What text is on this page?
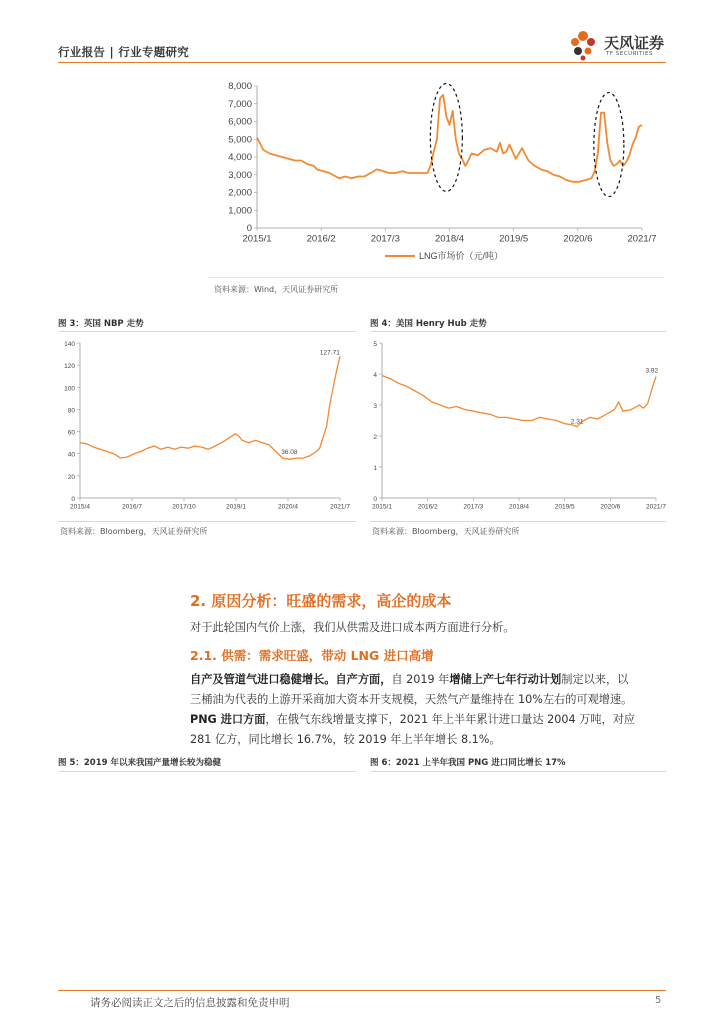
行业报告 | 行业专题研究	天风证券
TF SECURITIES
0
1,000
2,000
3,000
4,000
5,000
6,000
7,000
8,000
2015/1	2016/2	2017/3	2018/4	2019/5	2020/6	2021/7
LNG市场价（元/吨）
资料来源：Wind，天风证券研究所
图 3：英国 NBP 走势
0
20
40
60
80
100
120
140
2015/4	2016/7	2017/10	2019/1	2020/4	2021/7
36.08
127.71
资料来源：Bloomberg，天风证券研究所
图 4：美国 Henry Hub 走势
0
1
2
3
4
5
2015/1	2016/2	2017/3	2018/4	2019/5	2020/6	2021/7
2.31
3.92
资料来源：Bloomberg，天风证券研究所
2. 原因分析：旺盛的需求，高企的成本
对于此轮国内气价上涨，我们从供需及进口成本两方面进行分析。
2.1. 供需：需求旺盛，带动 LNG 进口高增
自产及管道气进口稳健增长。自产方面，自 2019 年增储上产七年行动计划制定以来，以
三桶油为代表的上游开采商加大资本开支规模，天然气产量维持在 10%左右的可观增速。
PNG 进口方面，在俄气东线增量支撑下，2021 年上半年累计进口量达 2004 万吨，对应
281 亿方，同比增长 16.7%，较 2019 年上半年增长 8.1%。
图 5：2019 年以来我国产量增长较为稳健	图 6：2021 上半年我国 PNG 进口同比增长 17%
请务必阅读正文之后的信息披露和免责申明	5
